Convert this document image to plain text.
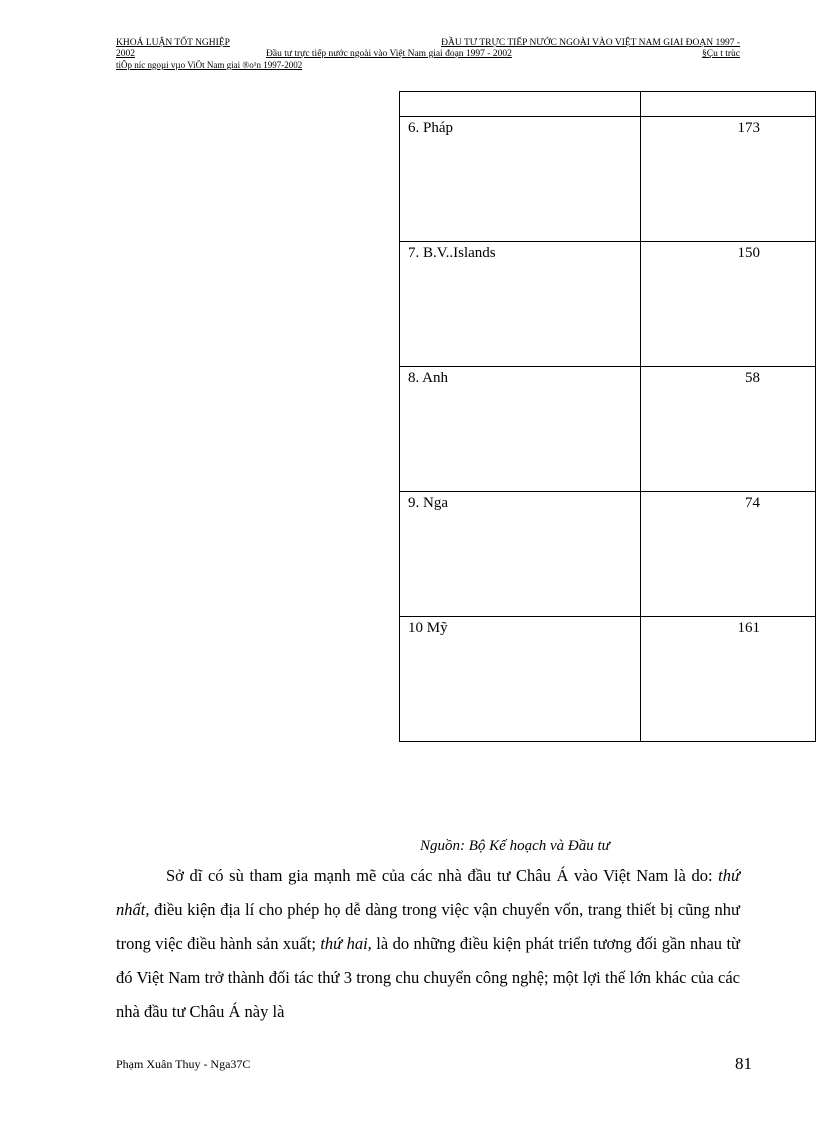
KHOÁ LUẬN TỐT NGHIỆP	ĐẦU TƯ TRỰC TIẾP NƯỚC NGOÀI VÀO VIỆT NAM GIAI ĐOẠN 1997 -
2002	Đầu tư trực tiếp nước ngoài vào Việt Nam giai đoạn 1997 - 2002	§Çu t trùc
tiÕp níc ngoµi vµo ViÖt Nam giai ®o¹n 1997-2002

6. Pháp	173
7. B.V..Islands	150
8. Anh	58
9. Nga	74
10 Mỹ	161
Nguồn: Bộ Kế hoạch và Đầu tư
Sở dĩ có sù tham gia mạnh mẽ của các nhà đầu tư Châu Á vào Việt Nam là do: thứ nhất, điều kiện địa lí cho phép họ dễ dàng trong việc vận chuyển vốn, trang thiết bị cũng như trong việc điều hành sản xuất; thứ hai, là do những điều kiện phát triển tương đối gần nhau từ đó Việt Nam trở thành đối tác thứ 3 trong chu chuyển công nghệ; một lợi thế lớn khác của các nhà đầu tư Châu Á này là
Phạm Xuân Thuy - Nga37C	81
